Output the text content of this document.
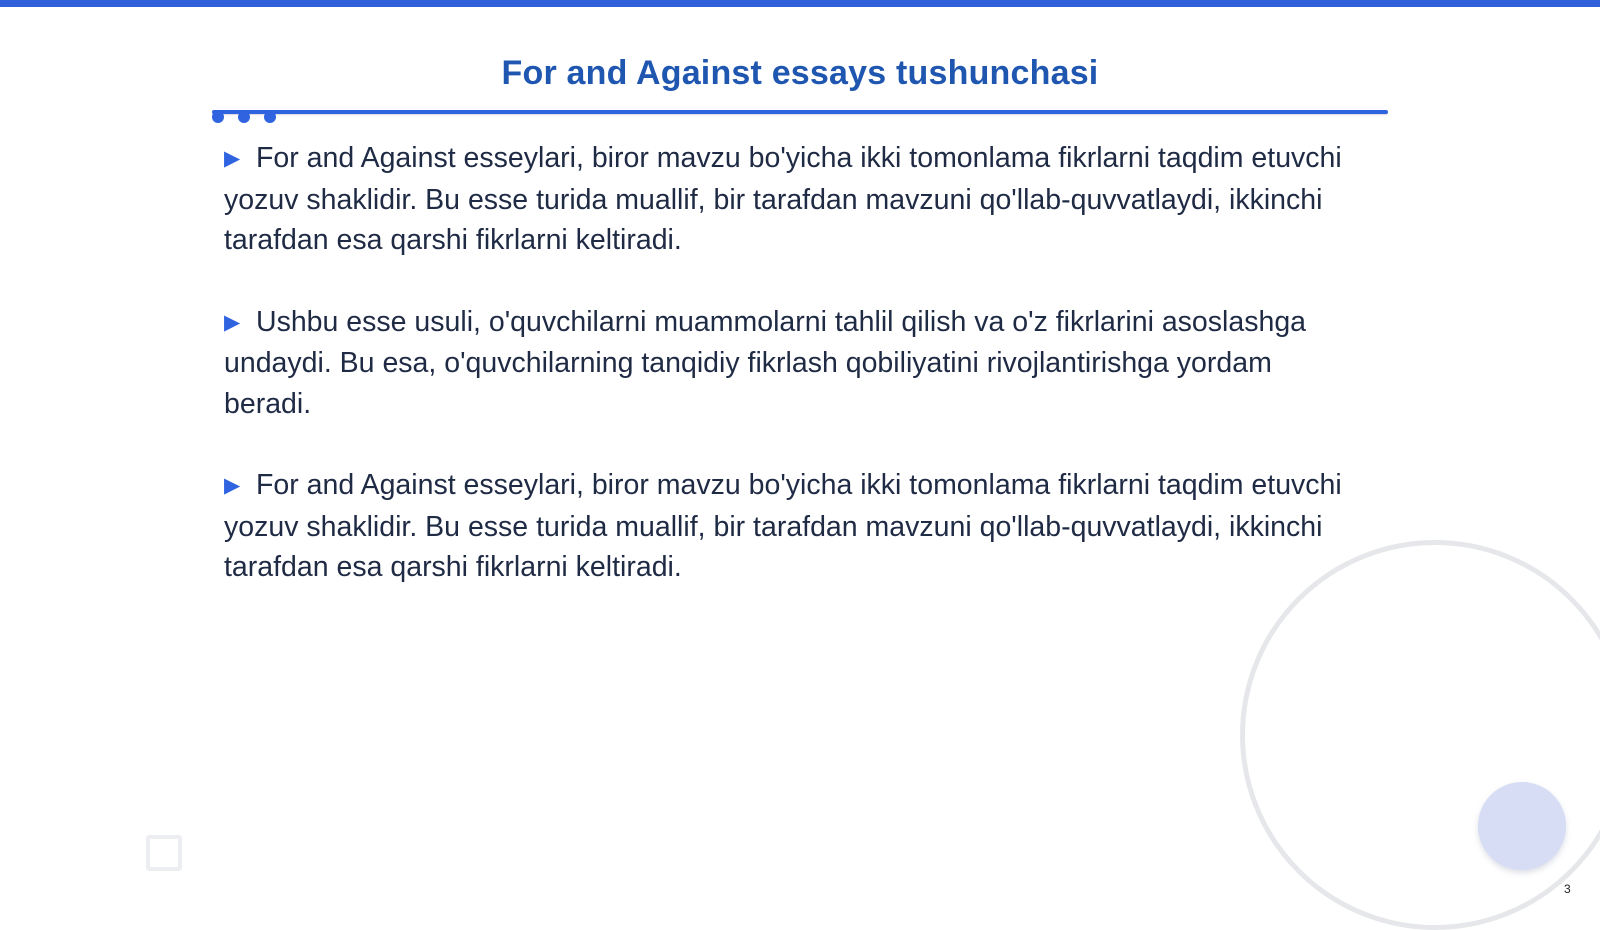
For and Against essays tushunchasi

▶ For and Against esseylari, biror mavzu bo'yicha ikki tomonlama fikrlarni taqdim etuvchi yozuv shaklidir. Bu esse turida muallif, bir tarafdan mavzuni qo'llab-quvvatlaydi, ikkinchi tarafdan esa qarshi fikrlarni keltiradi.

▶ Ushbu esse usuli, o'quvchilarni muammolarni tahlil qilish va o'z fikrlarini asoslashga undaydi. Bu esa, o'quvchilarning tanqidiy fikrlash qobiliyatini rivojlantirishga yordam beradi.

▶ For and Against esseylari, biror mavzu bo'yicha ikki tomonlama fikrlarni taqdim etuvchi yozuv shaklidir. Bu esse turida muallif, bir tarafdan mavzuni qo'llab-quvvatlaydi, ikkinchi tarafdan esa qarshi fikrlarni keltiradi.

3
